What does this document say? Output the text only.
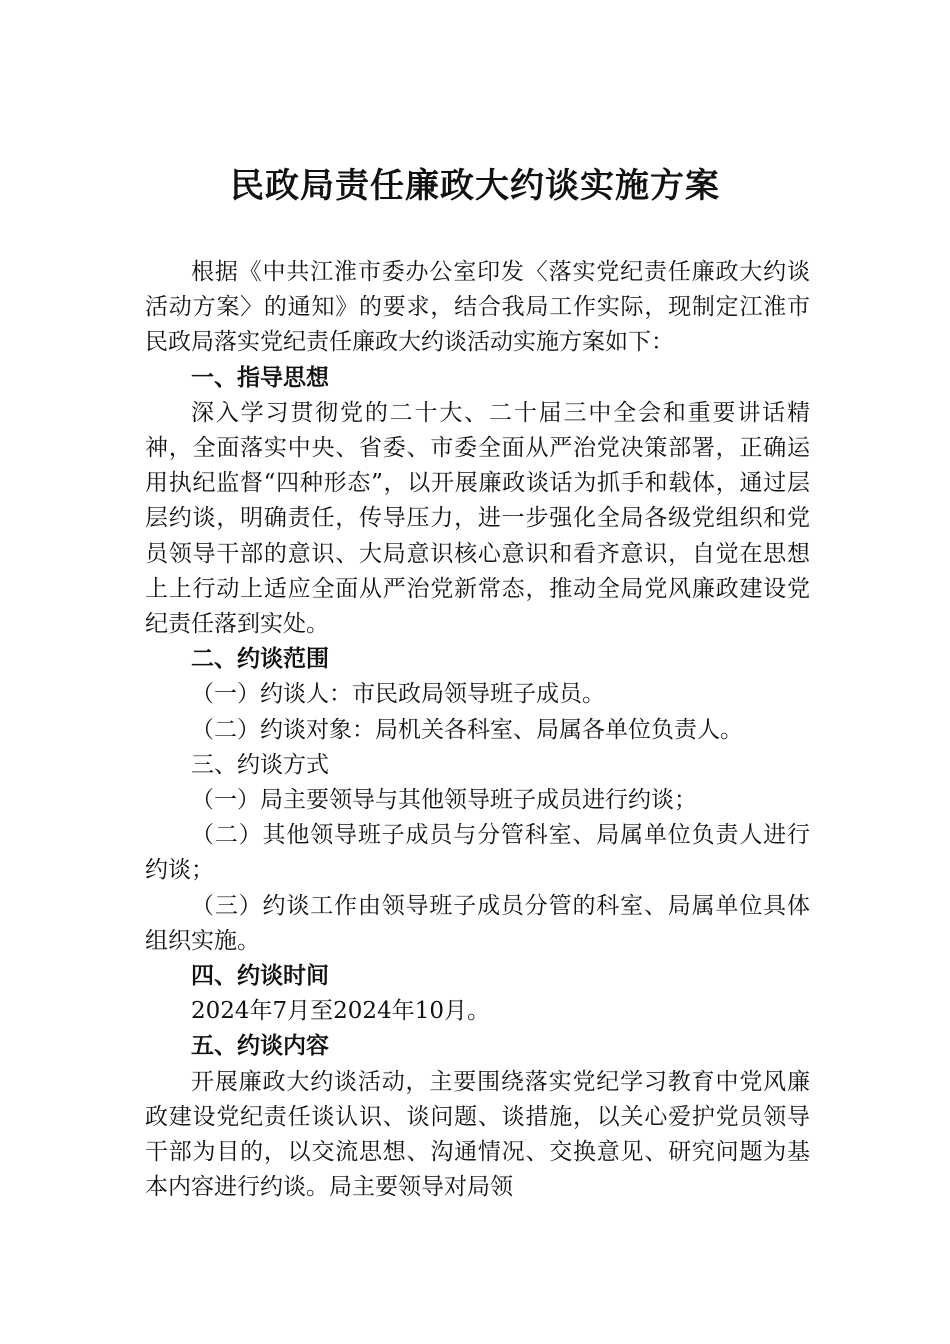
民政局责任廉政大约谈实施方案

根据《中共江淮市委办公室印发〈落实党纪责任廉政大约谈活动方案〉的通知》的要求，结合我局工作实际，现制定江淮市民政局落实党纪责任廉政大约谈活动实施方案如下：

一、指导思想

深入学习贯彻党的二十大、二十届三中全会和重要讲话精神，全面落实中央、省委、市委全面从严治党决策部署，正确运用执纪监督“四种形态”，以开展廉政谈话为抓手和载体，通过层层约谈，明确责任，传导压力，进一步强化全局各级党组织和党员领导干部的意识、大局意识核心意识和看齐意识，自觉在思想上上行动上适应全面从严治党新常态，推动全局党风廉政建设党纪责任落到实处。

二、约谈范围

（一）约谈人：市民政局领导班子成员。

（二）约谈对象：局机关各科室、局属各单位负责人。

三、约谈方式

（一）局主要领导与其他领导班子成员进行约谈；

（二）其他领导班子成员与分管科室、局属单位负责人进行约谈；

（三）约谈工作由领导班子成员分管的科室、局属单位具体组织实施。

四、约谈时间

2024年7月至2024年10月。

五、约谈内容

开展廉政大约谈活动，主要围绕落实党纪学习教育中党风廉政建设党纪责任谈认识、谈问题、谈措施，以关心爱护党员领导干部为目的，以交流思想、沟通情况、交换意见、研究问题为基本内容进行约谈。局主要领导对局领
